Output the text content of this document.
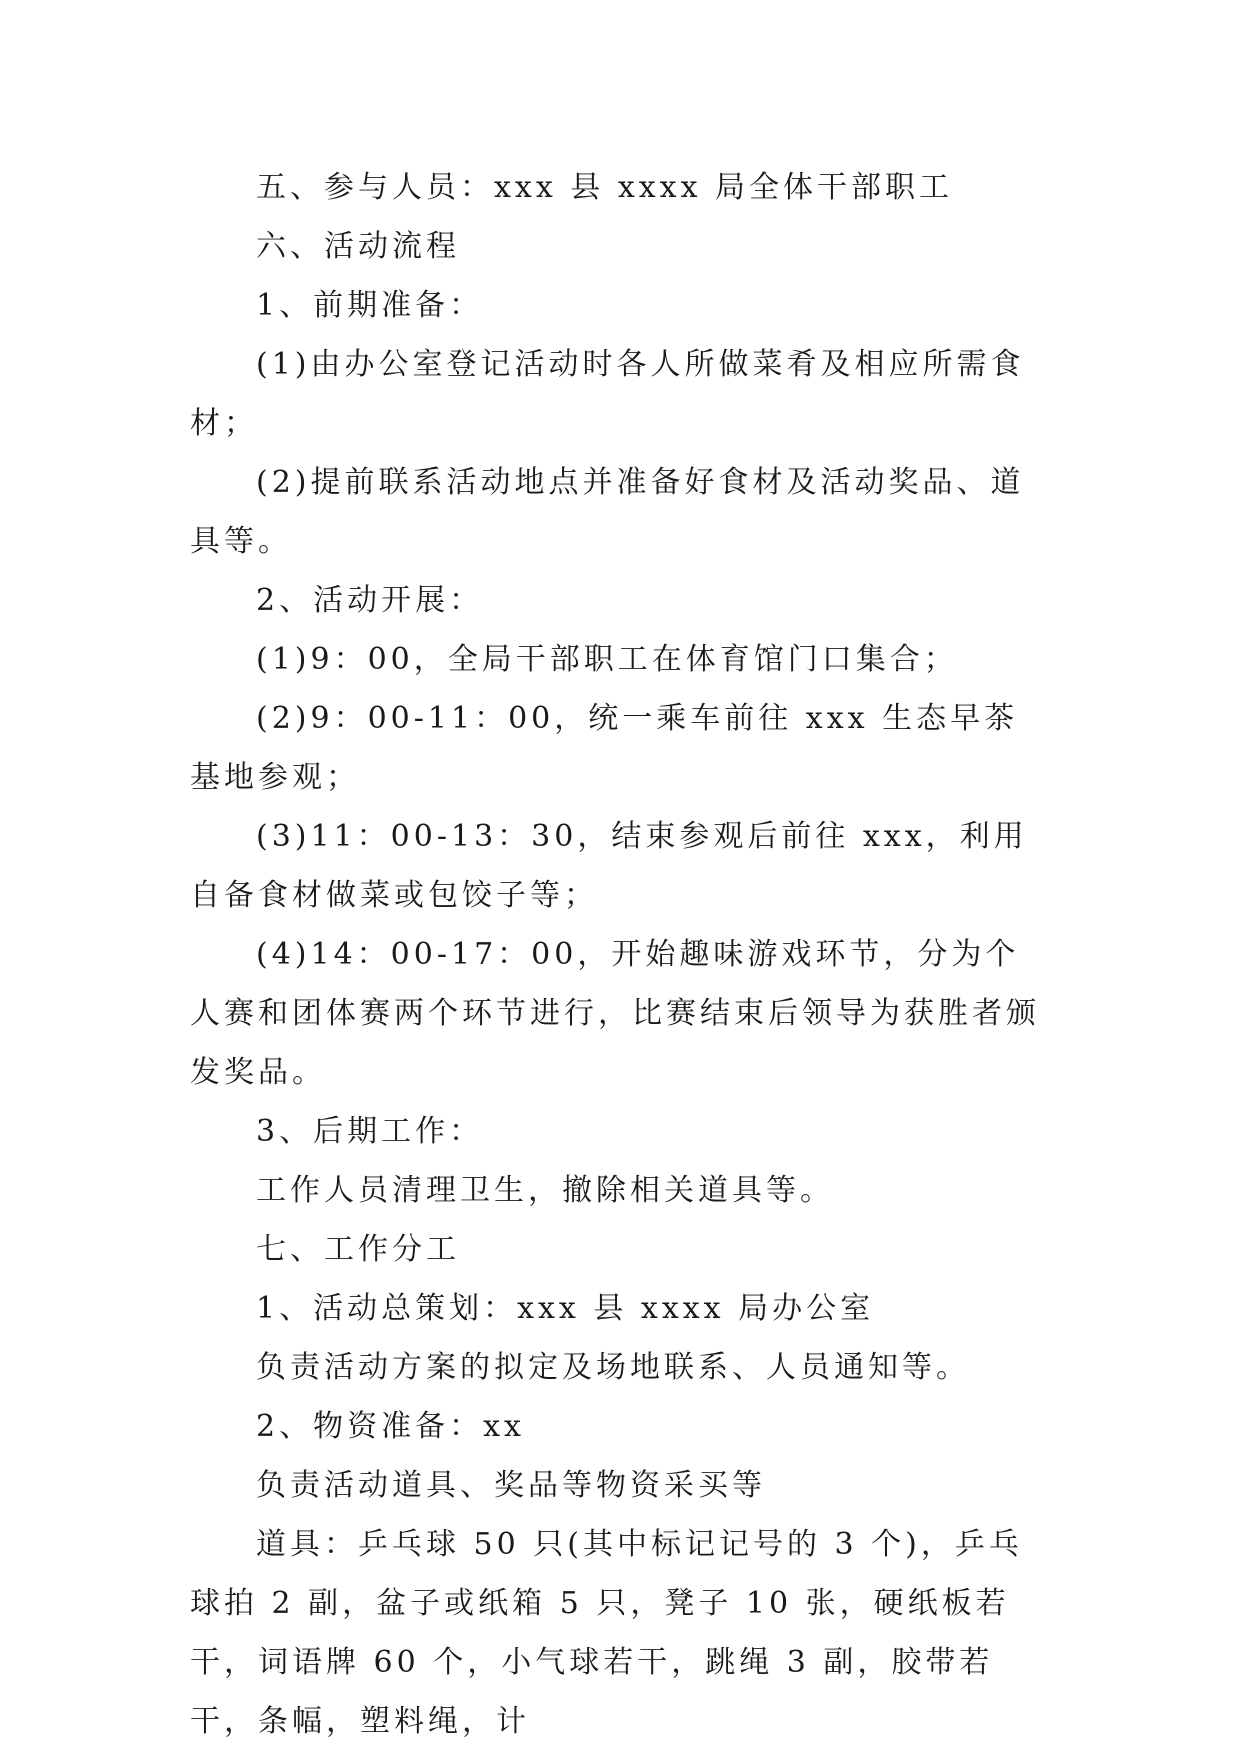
五、参与人员：xxx 县 xxxx 局全体干部职工

六、活动流程

1、前期准备：

(1)由办公室登记活动时各人所做菜肴及相应所需食材；

(2)提前联系活动地点并准备好食材及活动奖品、道具等。

2、活动开展：

(1)9：00，全局干部职工在体育馆门口集合；

(2)9：00-11：00，统一乘车前往 xxx 生态早茶基地参观；

(3)11：00-13：30，结束参观后前往 xxx，利用自备食材做菜或包饺子等；

(4)14：00-17：00，开始趣味游戏环节，分为个人赛和团体赛两个环节进行，比赛结束后领导为获胜者颁发奖品。

3、后期工作：

工作人员清理卫生，撤除相关道具等。

七、工作分工

1、活动总策划：xxx 县 xxxx 局办公室

负责活动方案的拟定及场地联系、人员通知等。

2、物资准备：xx

负责活动道具、奖品等物资采买等

道具：乒乓球 50 只(其中标记记号的 3 个)，乒乓球拍 2 副，盆子或纸箱 5 只，凳子 10 张，硬纸板若干，词语牌 60 个，小气球若干，跳绳 3 副，胶带若干，条幅，塑料绳，计
